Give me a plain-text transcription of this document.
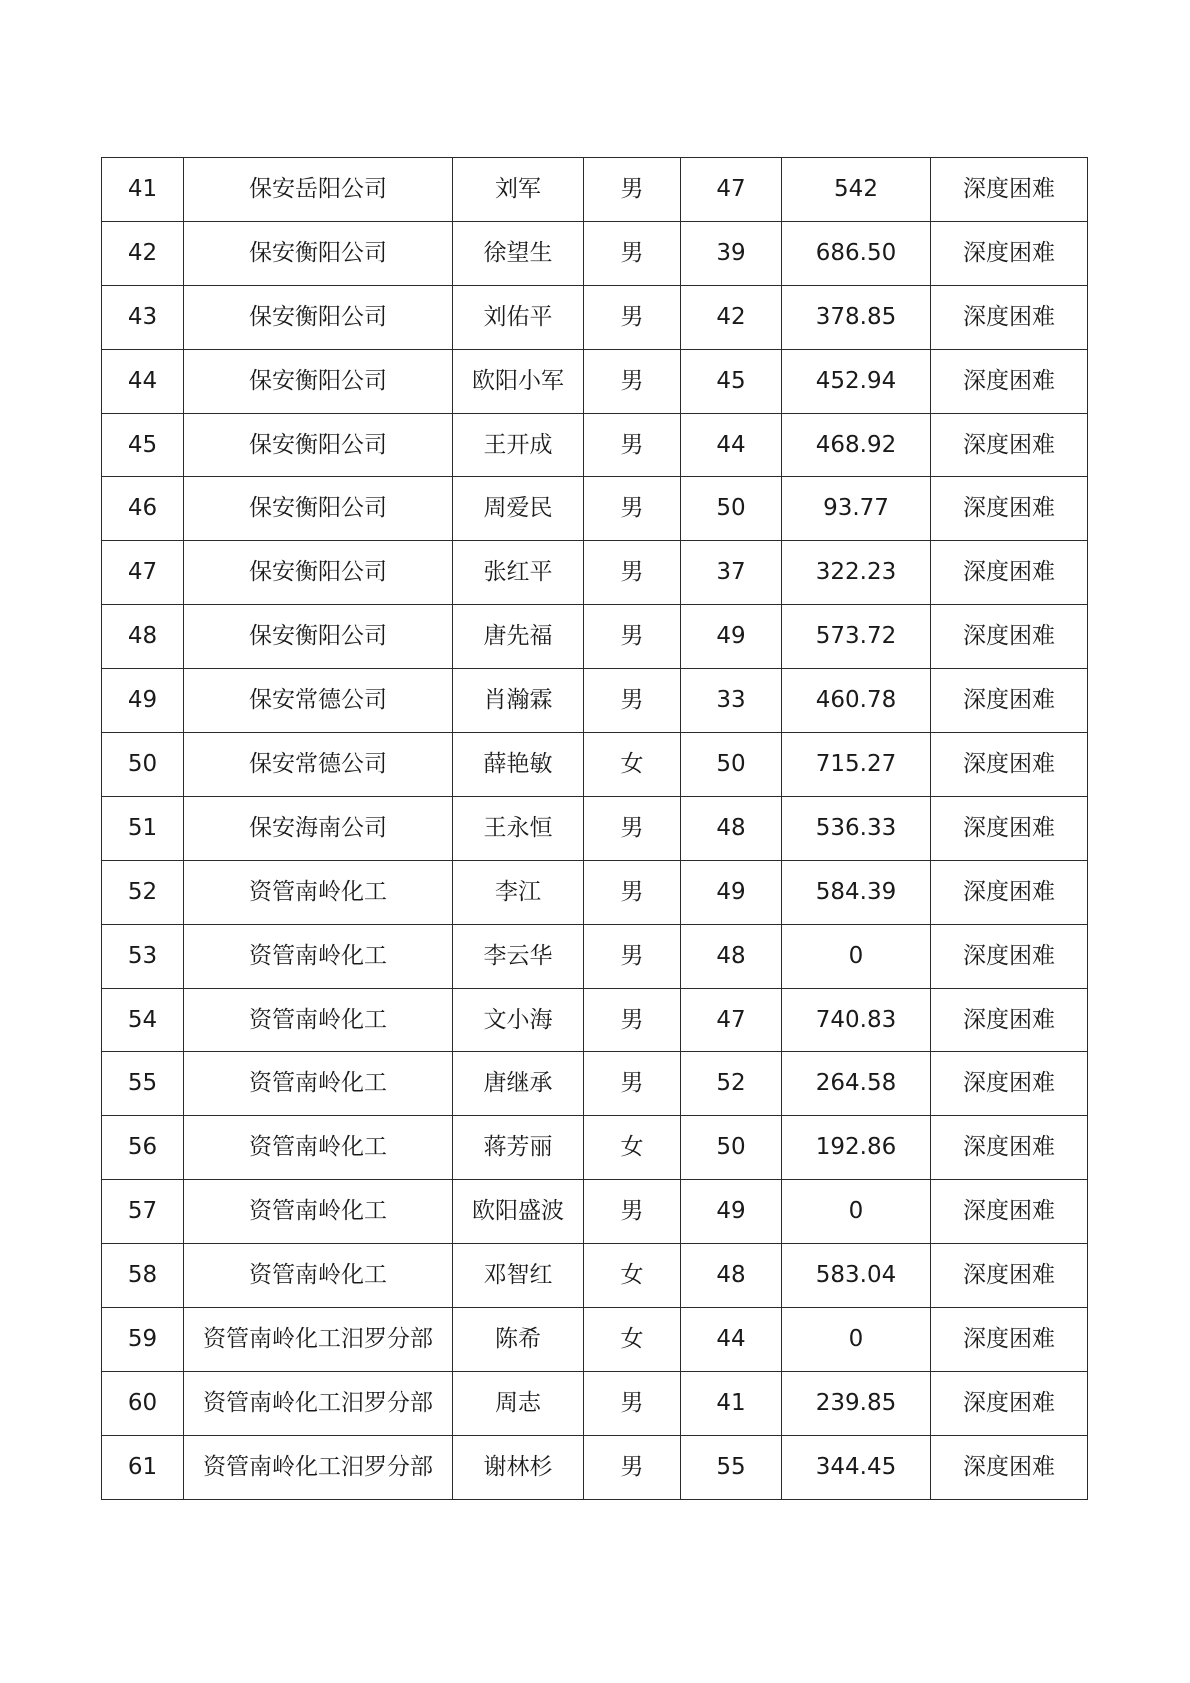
41	保安岳阳公司	刘军	男	47	542	深度困难
42	保安衡阳公司	徐望生	男	39	686.50	深度困难
43	保安衡阳公司	刘佑平	男	42	378.85	深度困难
44	保安衡阳公司	欧阳小军	男	45	452.94	深度困难
45	保安衡阳公司	王开成	男	44	468.92	深度困难
46	保安衡阳公司	周爱民	男	50	93.77	深度困难
47	保安衡阳公司	张红平	男	37	322.23	深度困难
48	保安衡阳公司	唐先福	男	49	573.72	深度困难
49	保安常德公司	肖瀚霖	男	33	460.78	深度困难
50	保安常德公司	薛艳敏	女	50	715.27	深度困难
51	保安海南公司	王永恒	男	48	536.33	深度困难
52	资管南岭化工	李江	男	49	584.39	深度困难
53	资管南岭化工	李云华	男	48	0	深度困难
54	资管南岭化工	文小海	男	47	740.83	深度困难
55	资管南岭化工	唐继承	男	52	264.58	深度困难
56	资管南岭化工	蒋芳丽	女	50	192.86	深度困难
57	资管南岭化工	欧阳盛波	男	49	0	深度困难
58	资管南岭化工	邓智红	女	48	583.04	深度困难
59	资管南岭化工汨罗分部	陈希	女	44	0	深度困难
60	资管南岭化工汨罗分部	周志	男	41	239.85	深度困难
61	资管南岭化工汨罗分部	谢林杉	男	55	344.45	深度困难
